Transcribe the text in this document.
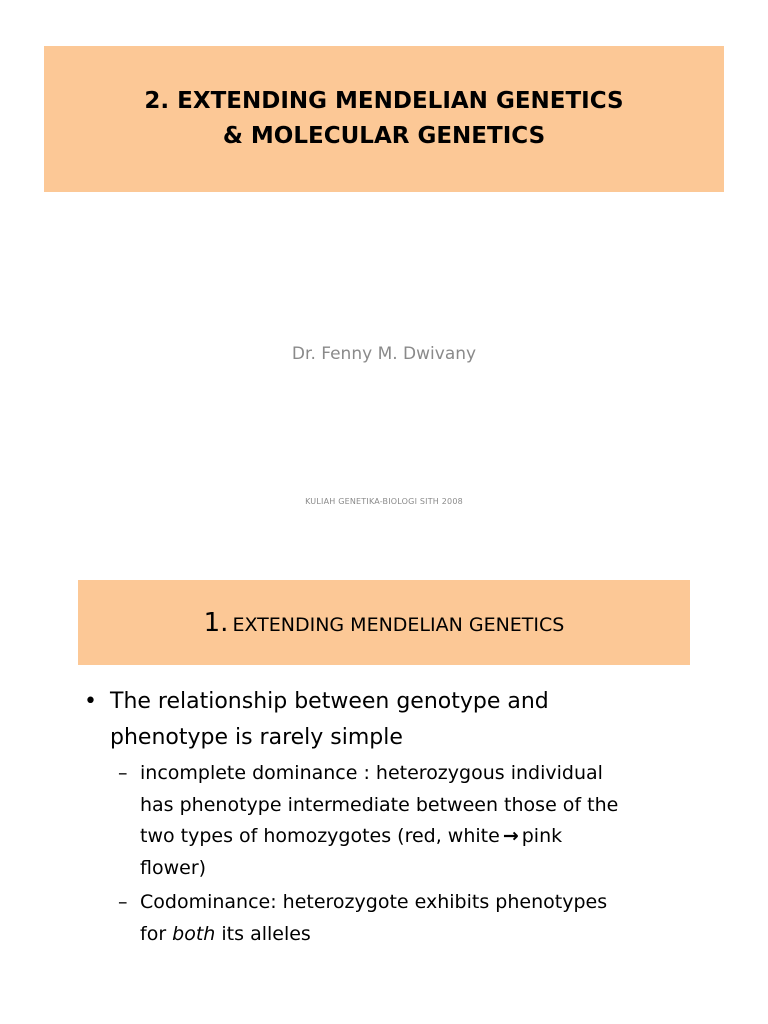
2. EXTENDING MENDELIAN GENETICS
& MOLECULAR GENETICS
Dr. Fenny M. Dwivany
KULIAH GENETIKA-BIOLOGI SITH 2008
1. EXTENDING MENDELIAN GENETICS
• The relationship between genotype and
phenotype is rarely simple
– incomplete dominance : heterozygous individual
has phenotype intermediate between those of the
two types of homozygotes (red, white → pink
flower)
– Codominance: heterozygote exhibits phenotypes
for both its alleles
